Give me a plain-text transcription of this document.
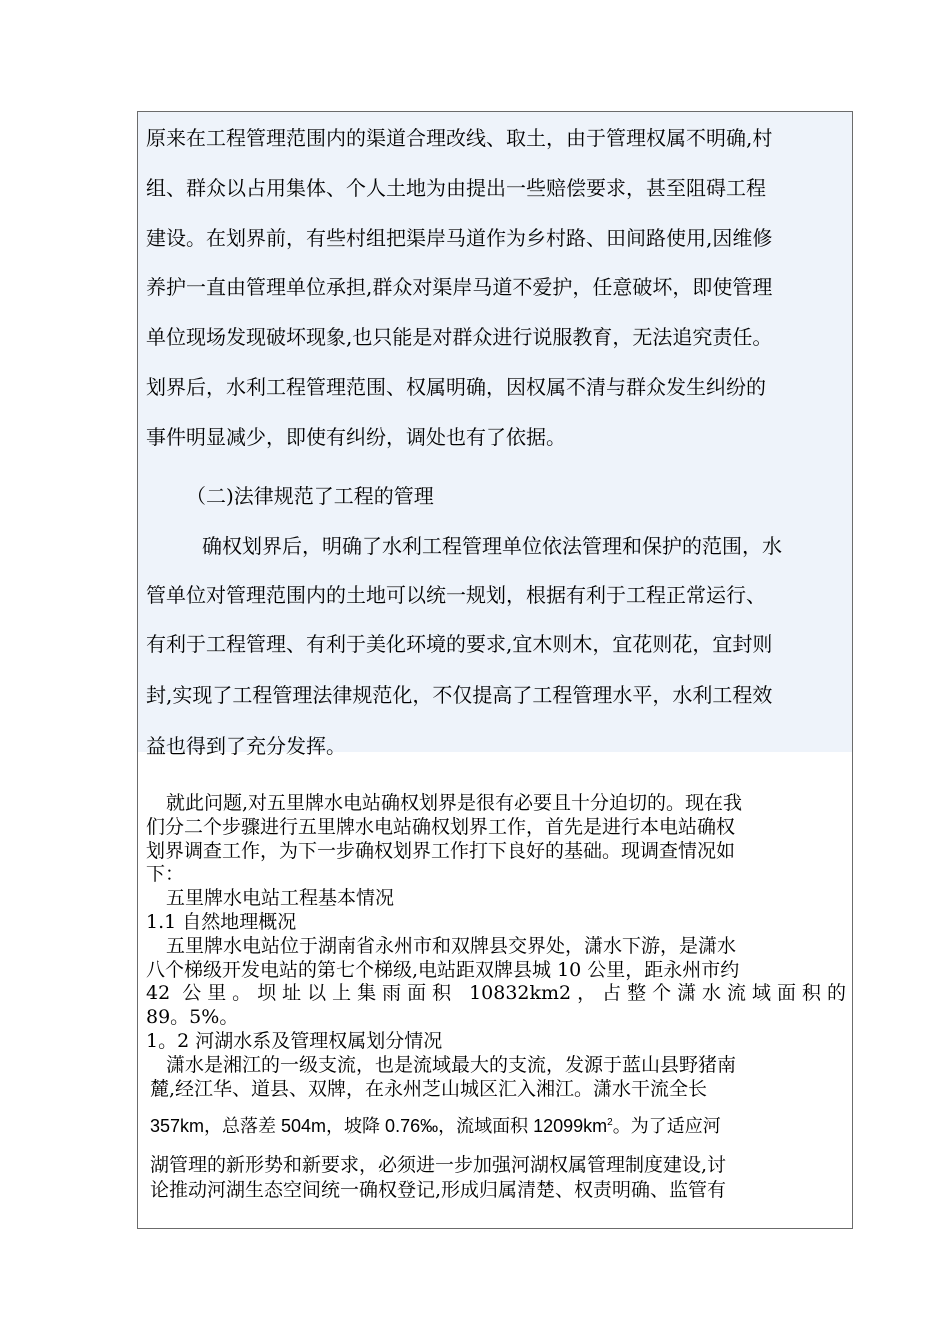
原来在工程管理范围内的渠道合理改线、取土，由于管理权属不明确,村
组、群众以占用集体、个人土地为由提出一些赔偿要求，甚至阻碍工程
建设。在划界前，有些村组把渠岸马道作为乡村路、田间路使用,因维修
养护一直由管理单位承担,群众对渠岸马道不爱护，任意破坏，即使管理
单位现场发现破坏现象,也只能是对群众进行说服教育，无法追究责任。
划界后，水利工程管理范围、权属明确，因权属不清与群众发生纠纷的
事件明显减少，即使有纠纷，调处也有了依据。
（二)法律规范了工程的管理
确权划界后，明确了水利工程管理单位依法管理和保护的范围，水
管单位对管理范围内的土地可以统一规划，根据有利于工程正常运行、
有利于工程管理、有利于美化环境的要求,宜木则木，宜花则花，宜封则
封,实现了工程管理法律规范化，不仅提高了工程管理水平，水利工程效
益也得到了充分发挥。
就此问题,对五里牌水电站确权划界是很有必要且十分迫切的。现在我
们分二个步骤进行五里牌水电站确权划界工作，首先是进行本电站确权
划界调查工作，为下一步确权划界工作打下良好的基础。现调查情况如
下：
五里牌水电站工程基本情况
1.1 自然地理概况
五里牌水电站位于湖南省永州市和双牌县交界处，潇水下游，是潇水
八个梯级开发电站的第七个梯级,电站距双牌县城 10 公里，距永州市约
42 公里。坝址以上集雨面积 10832km2，占整个潇水流域面积的
89。5%。
1。2 河湖水系及管理权属划分情况
潇水是湘江的一级支流，也是流域最大的支流，发源于蓝山县野猪南
麓,经江华、道县、双牌，在永州芝山城区汇入湘江。潇水干流全长
357km，总落差 504m，坡降 0.76‰，流域面积 $12099km^2$。为了适应河
湖管理的新形势和新要求，必须进一步加强河湖权属管理制度建设,讨
论推动河湖生态空间统一确权登记,形成归属清楚、权责明确、监管有
